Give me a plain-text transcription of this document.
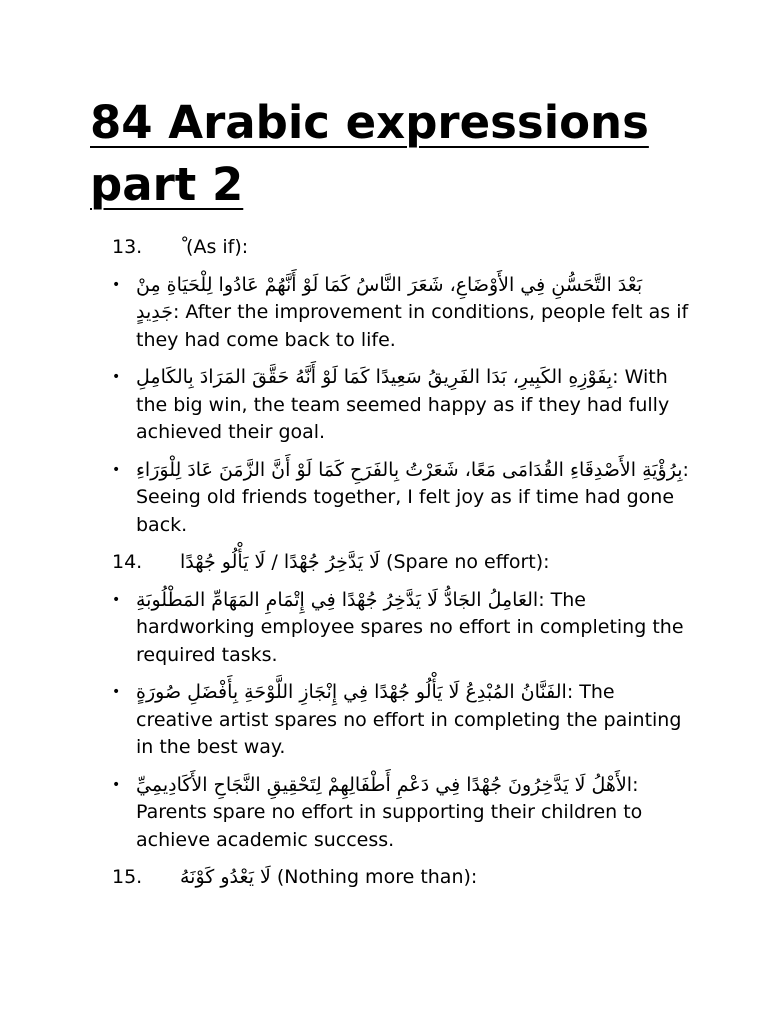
84 Arabic expressions part 2
13.	ْ (As if):
• بَعْدَ التَّحَسُّنِ فِي الأَوْضَاعِ، شَعَرَ النَّاسُ كَمَا لَوْ أَنَّهُمْ عَادُوا لِلْحَيَاةِ مِنْ جَدِيدٍ: After the improvement in conditions, people felt as if they had come back to life.
• بِفَوْزِهِ الكَبِيرِ، بَدَا الفَرِيقُ سَعِيدًا كَمَا لَوْ أَنَّهُ حَقَّقَ المَرَادَ بِالكَامِلِ: With the big win, the team seemed happy as if they had fully achieved their goal.
• بِرُؤْيَةِ الأَصْدِقَاءِ القُدَامَى مَعًا، شَعَرْتُ بِالفَرَحِ كَمَا لَوْ أَنَّ الزَّمَنَ عَادَ لِلْوَرَاءِ: Seeing old friends together, I felt joy as if time had gone back.
14.	لَا يَدَّخِرُ جُهْدًا / لَا يَأْلُو جُهْدًا (Spare no effort):
• العَامِلُ الجَادُّ لَا يَدَّخِرُ جُهْدًا فِي إِتْمَامِ المَهَامِّ المَطْلُوبَةِ: The hardworking employee spares no effort in completing the required tasks.
• الفَنَّانُ المُبْدِعُ لَا يَأْلُو جُهْدًا فِي إِنْجَازِ اللَّوْحَةِ بِأَفْضَلِ صُورَةٍ: The creative artist spares no effort in completing the painting in the best way.
• الأَهْلُ لَا يَدَّخِرُونَ جُهْدًا فِي دَعْمِ أَطْفَالِهِمْ لِتَحْقِيقِ النَّجَاحِ الأَكَادِيمِيِّ: Parents spare no effort in supporting their children to achieve academic success.
15.	لَا يَعْدُو كَوْنَهُ (Nothing more than):
